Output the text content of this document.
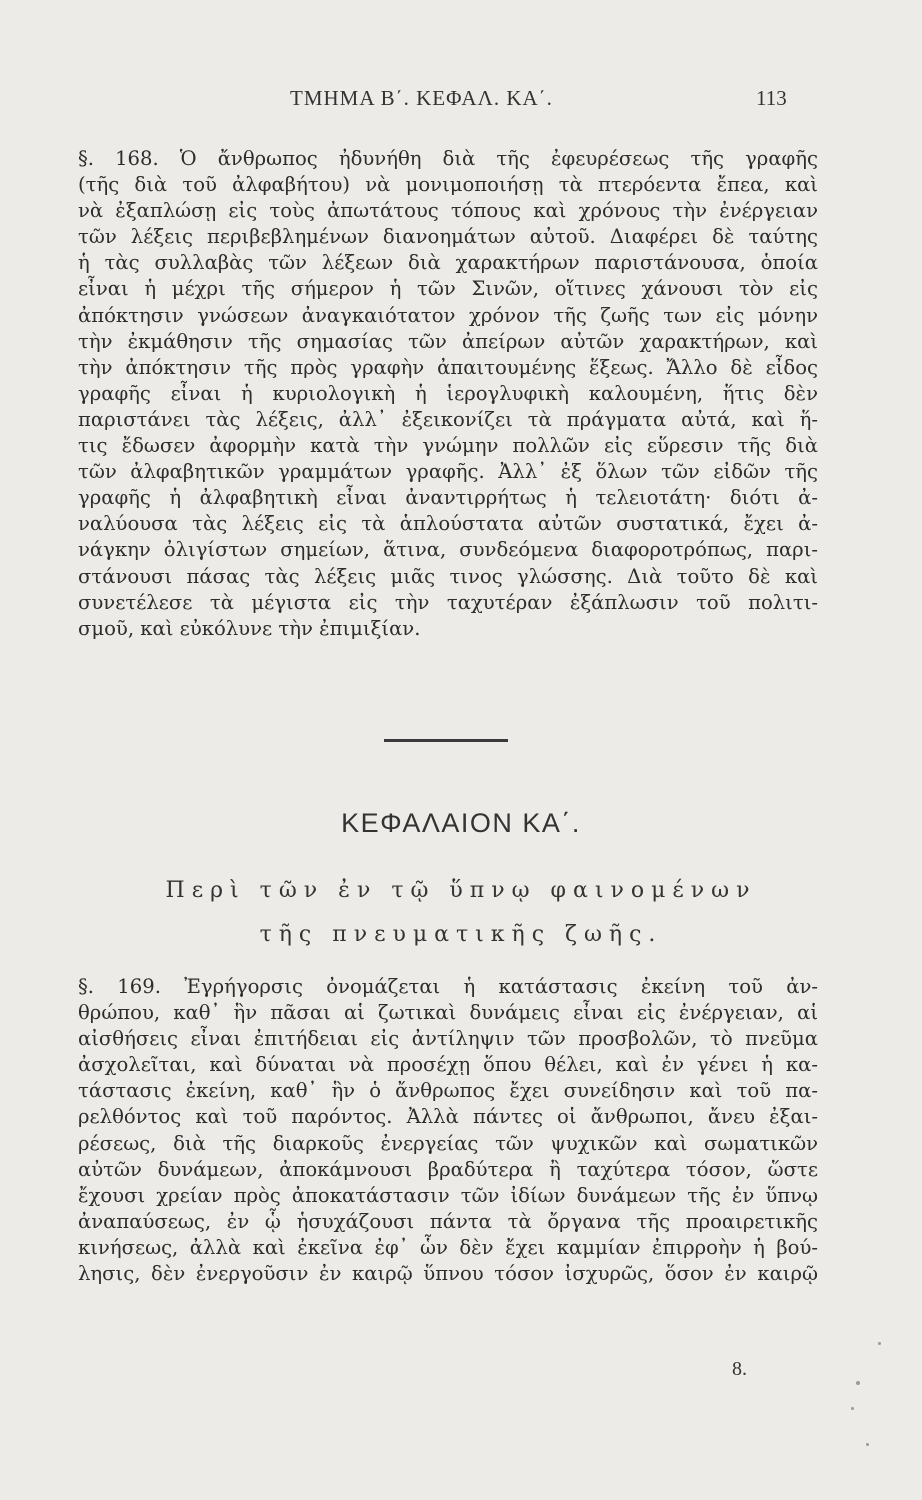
ΤΜΗΜΑ Β΄. ΚΕΦΑΛ. ΚΑ΄.	113
§. 168. Ὁ ἄνθρωπος ἠδυνήθη διὰ τῆς ἐφευρέσεως τῆς γραφῆς
(τῆς διὰ τοῦ ἀλφαβήτου) νὰ μονιμοποιήσῃ τὰ πτερόεντα ἔπεα, καὶ
νὰ ἐξαπλώσῃ εἰς τοὺς ἀπωτάτους τόπους καὶ χρόνους τὴν ἐνέργειαν
τῶν λέξεις περιβεβλημένων διανοημάτων αὐτοῦ. Διαφέρει δὲ ταύτης
ἡ τὰς συλλαβὰς τῶν λέξεων διὰ χαρακτήρων παριστάνουσα, ὁποία
εἶναι ἡ μέχρι τῆς σήμερον ἡ τῶν Σινῶν, οἵτινες χάνουσι τὸν εἰς
ἀπόκτησιν γνώσεων ἀναγκαιότατον χρόνον τῆς ζωῆς των εἰς μόνην
τὴν ἐκμάθησιν τῆς σημασίας τῶν ἀπείρων αὐτῶν χαρακτήρων, καὶ
τὴν ἀπόκτησιν τῆς πρὸς γραφὴν ἀπαιτουμένης ἕξεως. Ἄλλο δὲ εἶδος
γραφῆς εἶναι ἡ κυριολογικὴ ἡ ἱερογλυφικὴ καλουμένη, ἥτις δὲν
παριστάνει τὰς λέξεις, ἀλλ᾽ ἐξεικονίζει τὰ πράγματα αὐτά, καὶ ἥ-
τις ἔδωσεν ἀφορμὴν κατὰ τὴν γνώμην πολλῶν εἰς εὕρεσιν τῆς διὰ
τῶν ἀλφαβητικῶν γραμμάτων γραφῆς. Ἀλλ᾽ ἐξ ὅλων τῶν εἰδῶν τῆς
γραφῆς ἡ ἀλφαβητικὴ εἶναι ἀναντιρρήτως ἡ τελειοτάτη· διότι ἀ-
ναλύουσα τὰς λέξεις εἰς τὰ ἁπλούστατα αὐτῶν συστατικά, ἔχει ἀ-
νάγκην ὀλιγίστων σημείων, ἅτινα, συνδεόμενα διαφοροτρόπως, παρι-
στάνουσι πάσας τὰς λέξεις μιᾶς τινος γλώσσης. Διὰ τοῦτο δὲ καὶ
συνετέλεσε τὰ μέγιστα εἰς τὴν ταχυτέραν ἐξάπλωσιν τοῦ πολιτι-
σμοῦ, καὶ εὐκόλυνε τὴν ἐπιμιξίαν.
ΚΕΦΑΛΑΙΟΝ ΚΑ΄.
Περὶ τῶν ἐν τῷ ὕπνῳ φαινομένων
τῆς πνευματικῆς ζωῆς.
§. 169. Ἐγρήγορσις ὀνομάζεται ἡ κατάστασις ἐκείνη τοῦ ἀν-
θρώπου, καθ᾽ ἣν πᾶσαι αἱ ζωτικαὶ δυνάμεις εἶναι εἰς ἐνέργειαν, αἱ
αἰσθήσεις εἶναι ἐπιτήδειαι εἰς ἀντίληψιν τῶν προσβολῶν, τὸ πνεῦμα
ἀσχολεῖται, καὶ δύναται νὰ προσέχῃ ὅπου θέλει, καὶ ἐν γένει ἡ κα-
τάστασις ἐκείνη, καθ᾽ ἣν ὁ ἄνθρωπος ἔχει συνείδησιν καὶ τοῦ πα-
ρελθόντος καὶ τοῦ παρόντος. Ἀλλὰ πάντες οἱ ἄνθρωποι, ἄνευ ἐξαι-
ρέσεως, διὰ τῆς διαρκοῦς ἐνεργείας τῶν ψυχικῶν καὶ σωματικῶν
αὐτῶν δυνάμεων, ἀποκάμνουσι βραδύτερα ἢ ταχύτερα τόσον, ὥστε
ἔχουσι χρείαν πρὸς ἀποκατάστασιν τῶν ἰδίων δυνάμεων τῆς ἐν ὕπνῳ
ἀναπαύσεως, ἐν ᾧ ἡσυχάζουσι πάντα τὰ ὄργανα τῆς προαιρετικῆς
κινήσεως, ἀλλὰ καὶ ἐκεῖνα ἐφ᾽ ὧν δὲν ἔχει καμμίαν ἐπιρροὴν ἡ βού-
λησις, δὲν ἐνεργοῦσιν ἐν καιρῷ ὕπνου τόσον ἰσχυρῶς, ὅσον ἐν καιρῷ
8.
